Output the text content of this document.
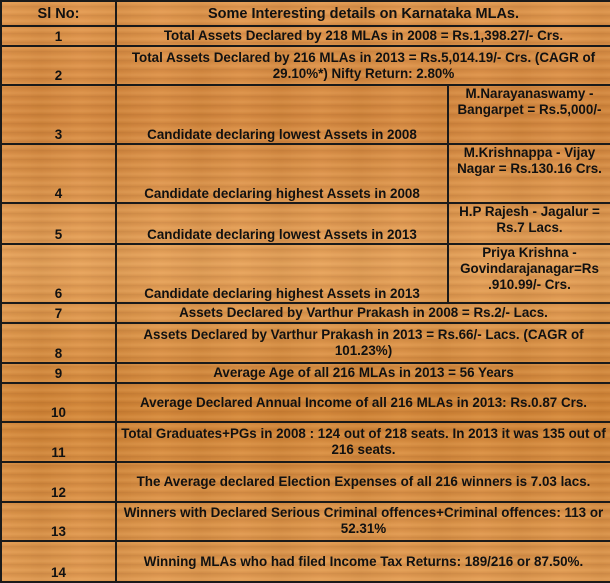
Sl No:	Some Interesting details on Karnataka MLAs.	
1	Total Assets Declared by 218 MLAs in 2008 = Rs.1,398.27/- Crs.	
2	Total Assets Declared by 216 MLAs in 2013 = Rs.5,014.19/- Crs. (CAGR of 29.10%*) Nifty Return: 2.80%	
3	Candidate declaring lowest Assets in 2008	M.Narayanaswamy - Bangarpet = Rs.5,000/-
4	Candidate declaring highest Assets in 2008	M.Krishnappa - Vijay Nagar = Rs.130.16 Crs.
5	Candidate declaring lowest Assets in 2013	H.P Rajesh - Jagalur = Rs.7 Lacs.
6	Candidate declaring highest Assets in 2013	Priya Krishna - Govindarajanagar=Rs .910.99/- Crs.
7	Assets Declared by Varthur Prakash in 2008 = Rs.2/- Lacs.	
8	Assets Declared by Varthur Prakash in 2013 = Rs.66/- Lacs. (CAGR of 101.23%)	
9	Average Age of all 216 MLAs in 2013 = 56 Years	
10	Average Declared Annual Income of all 216 MLAs in 2013: Rs.0.87 Crs.	
11	Total Graduates+PGs in 2008 : 124 out of 218 seats. In 2013 it was 135 out of 216 seats.	
12	The Average declared Election Expenses of all 216 winners is 7.03 lacs.	
13	Winners with Declared Serious Criminal offences+Criminal offences: 113 or 52.31%	
14	Winning MLAs who had filed Income Tax Returns: 189/216 or 87.50%.	
